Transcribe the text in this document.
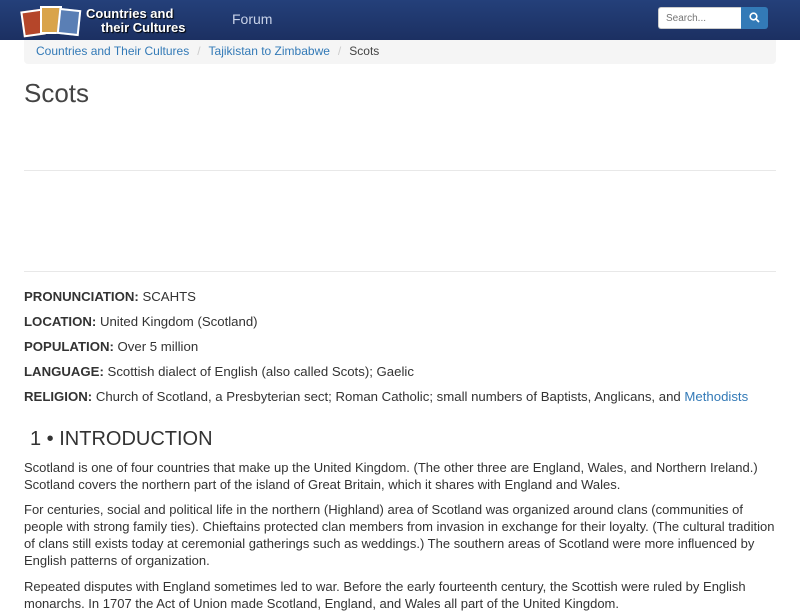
Countries and
their Cultures
Forum
Search...
Countries and Their Cultures / Tajikistan to Zimbabwe / Scots
Scots
PRONUNCIATION: SCAHTS
LOCATION: United Kingdom (Scotland)
POPULATION: Over 5 million
LANGUAGE: Scottish dialect of English (also called Scots); Gaelic
RELIGION: Church of Scotland, a Presbyterian sect; Roman Catholic; small numbers of Baptists, Anglicans, and Methodists
1 • INTRODUCTION

Scotland is one of four countries that make up the United Kingdom. (The other three are England, Wales, and Northern Ireland.) Scotland covers the northern part of the island of Great Britain, which it shares with England and Wales.

For centuries, social and political life in the northern (Highland) area of Scotland was organized around clans (communities of people with strong family ties). Chieftains protected clan members from invasion in exchange for their loyalty. (The cultural tradition of clans still exists today at ceremonial gatherings such as weddings.) The southern areas of Scotland were more influenced by English patterns of organization.

Repeated disputes with England sometimes led to war. Before the early fourteenth century, the Scottish were ruled by English monarchs. In 1707 the Act of Union made Scotland, England, and Wales all part of the United Kingdom.
